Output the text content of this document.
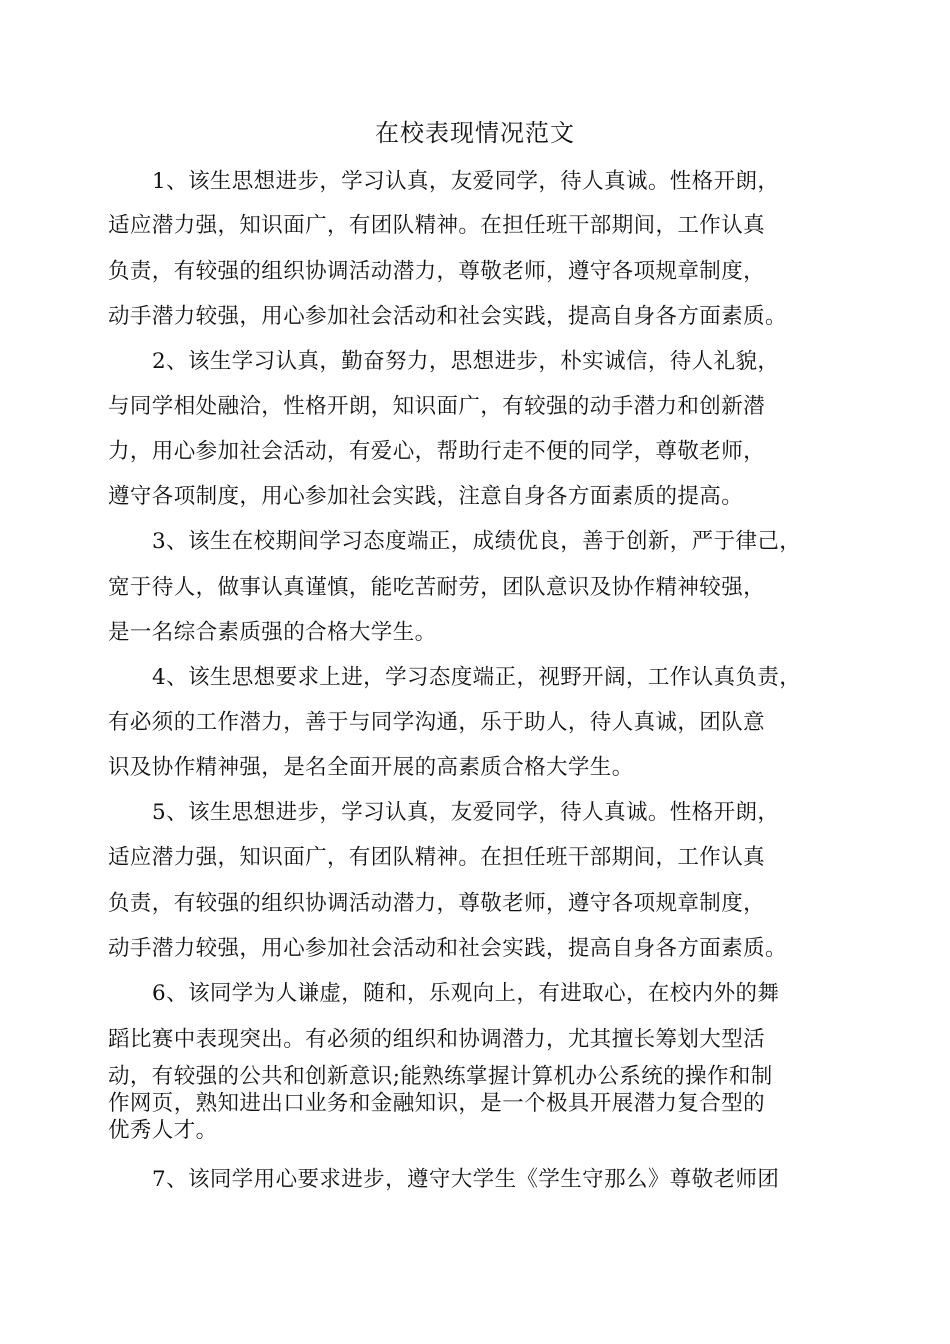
在校表现情况范文
1、该生思想进步，学习认真，友爱同学，待人真诚。性格开朗，
适应潜力强，知识面广，有团队精神。在担任班干部期间，工作认真
负责，有较强的组织协调活动潜力，尊敬老师，遵守各项规章制度，
动手潜力较强，用心参加社会活动和社会实践，提高自身各方面素质。
2、该生学习认真，勤奋努力，思想进步，朴实诚信，待人礼貌，
与同学相处融洽，性格开朗，知识面广，有较强的动手潜力和创新潜
力，用心参加社会活动，有爱心，帮助行走不便的同学，尊敬老师，
遵守各项制度，用心参加社会实践，注意自身各方面素质的提高。
3、该生在校期间学习态度端正，成绩优良，善于创新，严于律己，
宽于待人，做事认真谨慎，能吃苦耐劳，团队意识及协作精神较强，
是一名综合素质强的合格大学生。
4、该生思想要求上进，学习态度端正，视野开阔，工作认真负责，
有必须的工作潜力，善于与同学沟通，乐于助人，待人真诚，团队意
识及协作精神强，是名全面开展的高素质合格大学生。
5、该生思想进步，学习认真，友爱同学，待人真诚。性格开朗，
适应潜力强，知识面广，有团队精神。在担任班干部期间，工作认真
负责，有较强的组织协调活动潜力，尊敬老师，遵守各项规章制度，
动手潜力较强，用心参加社会活动和社会实践，提高自身各方面素质。
6、该同学为人谦虚，随和，乐观向上，有进取心，在校内外的舞
蹈比赛中表现突出。有必须的组织和协调潜力，尤其擅长筹划大型活
动，有较强的公共和创新意识;能熟练掌握计算机办公系统的操作和制
作网页，熟知进出口业务和金融知识，是一个极具开展潜力复合型的
优秀人才。
7、该同学用心要求进步，遵守大学生《学生守那么》尊敬老师团
